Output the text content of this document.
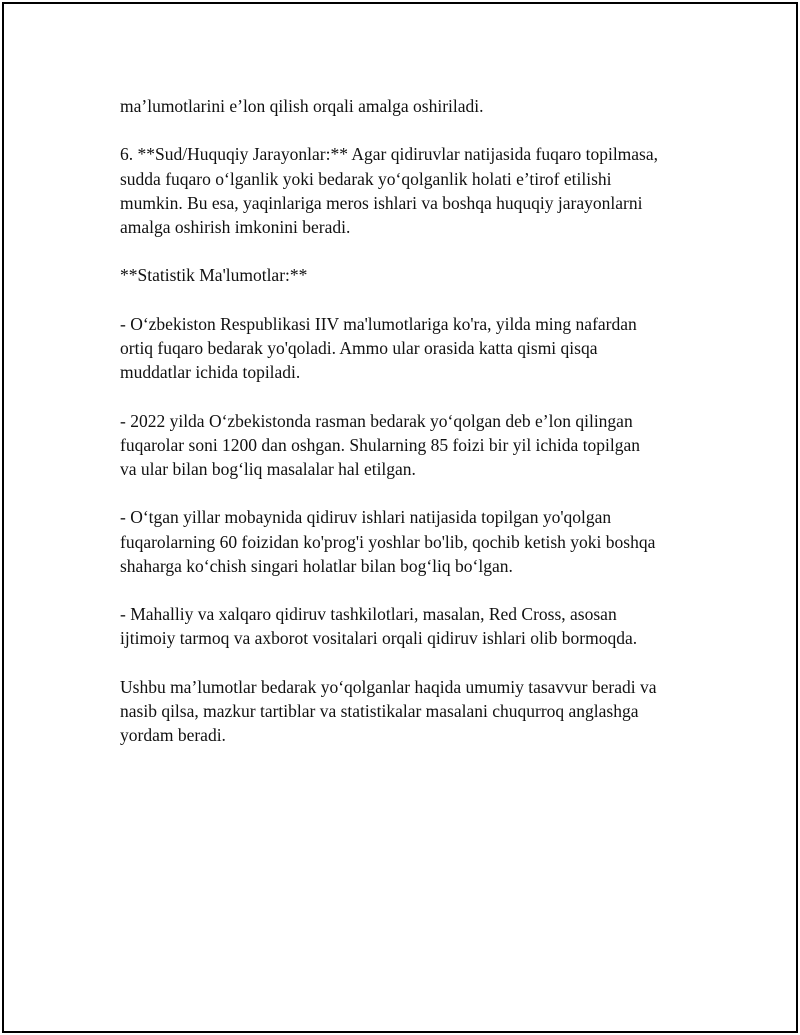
ma’lumotlarini e’lon qilish orqali amalga oshiriladi.

6. **Sud/Huquqiy Jarayonlar:** Agar qidiruvlar natijasida fuqaro topilmasa,
sudda fuqaro oʻlganlik yoki bedarak yoʻqolganlik holati e’tirof etilishi
mumkin. Bu esa, yaqinlariga meros ishlari va boshqa huquqiy jarayonlarni
amalga oshirish imkonini beradi.

**Statistik Ma'lumotlar:**

- Oʻzbekiston Respublikasi IIV ma'lumotlariga ko'ra, yilda ming nafardan
ortiq fuqaro bedarak yo'qoladi. Ammo ular orasida katta qismi qisqa
muddatlar ichida topiladi.

- 2022 yilda Oʻzbekistonda rasman bedarak yoʻqolgan deb e’lon qilingan
fuqarolar soni 1200 dan oshgan. Shularning 85 foizi bir yil ichida topilgan
va ular bilan bogʻliq masalalar hal etilgan.

- Oʻtgan yillar mobaynida qidiruv ishlari natijasida topilgan yo'qolgan
fuqarolarning 60 foizidan ko'prog'i yoshlar bo'lib, qochib ketish yoki boshqa
shaharga koʻchish singari holatlar bilan bogʻliq boʻlgan.

- Mahalliy va xalqaro qidiruv tashkilotlari, masalan, Red Cross, asosan
ijtimoiy tarmoq va axborot vositalari orqali qidiruv ishlari olib bormoqda.

Ushbu ma’lumotlar bedarak yoʻqolganlar haqida umumiy tasavvur beradi va
nasib qilsa, mazkur tartiblar va statistikalar masalani chuqurroq anglashga
yordam beradi.
